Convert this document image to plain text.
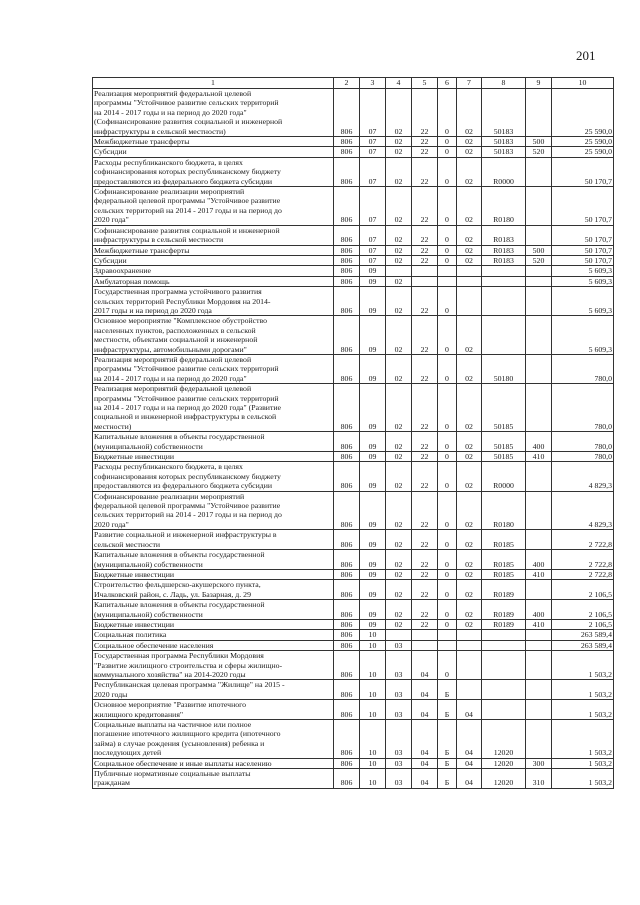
201
1	2	3	4	5	6	7	8	9	10
Реализация мероприятий федеральной целевой
программы "Устойчивое развитие сельских территорий
на 2014 - 2017 годы и на период до 2020 года"
(Софинансирование развития социальной и инженерной
инфраструктуры в сельской местности)	806	07	02	22	0	02	50183		25 590,0
Межбюджетные трансферты	806	07	02	22	0	02	50183	500	25 590,0
Субсидии	806	07	02	22	0	02	50183	520	25 590,0
Расходы республиканского бюджета, в целях
софинансирования которых республиканскому бюджету
предоставляются из федерального бюджета субсидии	806	07	02	22	0	02	R0000		50 170,7
Софинансирование реализации мероприятий
федеральной целевой программы "Устойчивое развитие
сельских территорий на 2014 - 2017 годы и на период до
2020 года"	806	07	02	22	0	02	R0180		50 170,7
Софинансирование развития социальной и инженерной
инфраструктуры в сельской местности	806	07	02	22	0	02	R0183		50 170,7
Межбюджетные трансферты	806	07	02	22	0	02	R0183	500	50 170,7
Субсидии	806	07	02	22	0	02	R0183	520	50 170,7
Здравоохранение	806	09							5 609,3
Амбулаторная помощь	806	09	02						5 609,3
Государственная программа устойчивого развития
сельских территорий Республики Мордовия на 2014-
2017 годы и на период до 2020 года	806	09	02	22	0				5 609,3
Основное мероприятие "Комплексное обустройство
населенных пунктов, расположенных в сельской
местности, объектами социальной и инженерной
инфраструктуры, автомобильными дорогами"	806	09	02	22	0	02			5 609,3
Реализация мероприятий федеральной целевой
программы "Устойчивое развитие сельских территорий
на 2014 - 2017 годы и на период до 2020 года"	806	09	02	22	0	02	50180		780,0
Реализация мероприятий федеральной целевой
программы "Устойчивое развитие сельских территорий
на 2014 - 2017 годы и на период до 2020 года" (Развитие
социальной и инженерной инфраструктуры в сельской
местности)	806	09	02	22	0	02	50185		780,0
Капитальные вложения в объекты государственной
(муниципальной) собственности	806	09	02	22	0	02	50185	400	780,0
Бюджетные инвестиции	806	09	02	22	0	02	50185	410	780,0
Расходы республиканского бюджета, в целях
софинансирования которых республиканскому бюджету
предоставляются из федерального бюджета субсидии	806	09	02	22	0	02	R0000		4 829,3
Софинансирование реализации мероприятий
федеральной целевой программы "Устойчивое развитие
сельских территорий на 2014 - 2017 годы и на период до
2020 года"	806	09	02	22	0	02	R0180		4 829,3
Развитие социальной и инженерной инфраструктуры в
сельской местности	806	09	02	22	0	02	R0185		2 722,8
Капитальные вложения в объекты государственной
(муниципальной) собственности	806	09	02	22	0	02	R0185	400	2 722,8
Бюджетные инвестиции	806	09	02	22	0	02	R0185	410	2 722,8
Строительство фельдшерско-акушерского пункта,
Ичалковский район, с. Ладь, ул. Базарная, д. 29	806	09	02	22	0	02	R0189		2 106,5
Капитальные вложения в объекты государственной
(муниципальной) собственности	806	09	02	22	0	02	R0189	400	2 106,5
Бюджетные инвестиции	806	09	02	22	0	02	R0189	410	2 106,5
Социальная политика	806	10							263 589,4
Социальное обеспечение населения	806	10	03						263 589,4
Государственная программа Республики Мордовия
"Развитие жилищного строительства и сферы жилищно-
коммунального хозяйства" на 2014-2020 годы	806	10	03	04	0				1 503,2
Республиканская целевая программа "Жилище" на 2015 -
2020 годы	806	10	03	04	Б				1 503,2
Основное мероприятие "Развитие ипотечного
жилищного кредитования"	806	10	03	04	Б	04			1 503,2
Социальные выплаты на частичное или полное
погашение ипотечного жилищного кредита (ипотечного
займа) в случае рождения (усыновления) ребенка и
последующих детей	806	10	03	04	Б	04	12020		1 503,2
Социальное обеспечение и иные выплаты населению	806	10	03	04	Б	04	12020	300	1 503,2
Публичные нормативные социальные выплаты
гражданам	806	10	03	04	Б	04	12020	310	1 503,2
